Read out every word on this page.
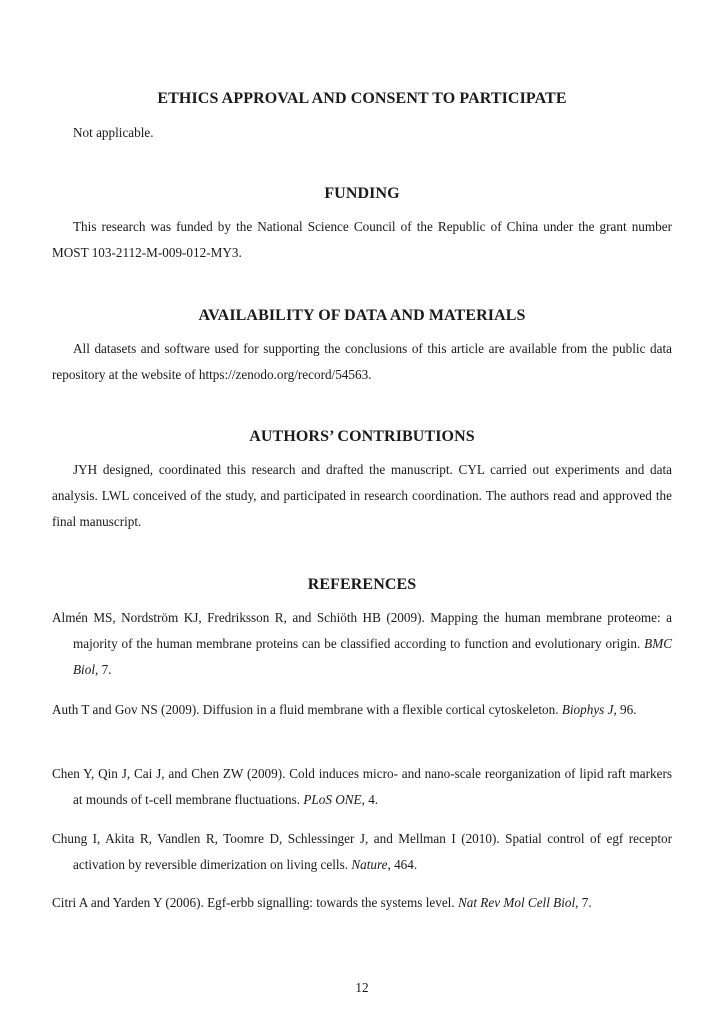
ETHICS APPROVAL AND CONSENT TO PARTICIPATE

Not applicable.

FUNDING

This research was funded by the National Science Council of the Republic of China under the grant number MOST 103-2112-M-009-012-MY3.

AVAILABILITY OF DATA AND MATERIALS

All datasets and software used for supporting the conclusions of this article are available from the public data repository at the website of https://zenodo.org/record/54563.

AUTHORS’ CONTRIBUTIONS

JYH designed, coordinated this research and drafted the manuscript. CYL carried out experiments and data analysis. LWL conceived of the study, and participated in research coordination. The authors read and approved the final manuscript.

REFERENCES
Almén MS, Nordström KJ, Fredriksson R, and Schiöth HB (2009). Mapping the human membrane proteome: a majority of the human membrane proteins can be classified according to function and evolutionary origin. BMC Biol, 7.
Auth T and Gov NS (2009). Diffusion in a fluid membrane with a flexible cortical cytoskeleton. Biophys J, 96.
Chen Y, Qin J, Cai J, and Chen ZW (2009). Cold induces micro- and nano-scale reorganization of lipid raft markers at mounds of t-cell membrane fluctuations. PLoS ONE, 4.
Chung I, Akita R, Vandlen R, Toomre D, Schlessinger J, and Mellman I (2010). Spatial control of egf receptor activation by reversible dimerization on living cells. Nature, 464.
Citri A and Yarden Y (2006). Egf-erbb signalling: towards the systems level. Nat Rev Mol Cell Biol, 7.
12
